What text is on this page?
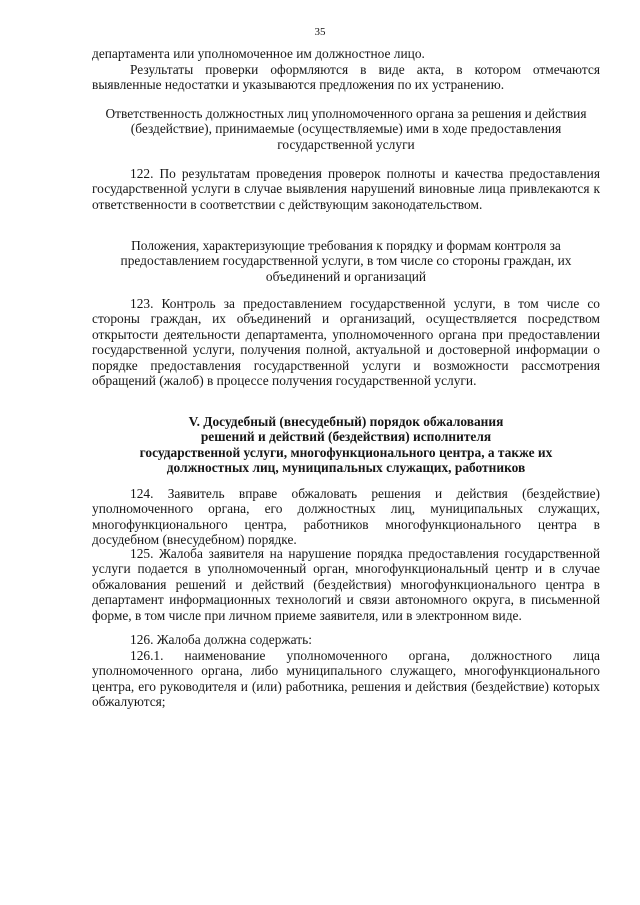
35
департамента или уполномоченное им должностное лицо.
Результаты проверки оформляются в виде акта, в котором отмечаются выявленные недостатки и указываются предложения по их устранению.
Ответственность должностных лиц уполномоченного органа за решения и действия (бездействие), принимаемые (осуществляемые) ими в ходе предоставления государственной услуги
122. По результатам проведения проверок полноты и качества предоставления государственной услуги в случае выявления нарушений виновные лица привлекаются к ответственности в соответствии с действующим законодательством.
Положения, характеризующие требования к порядку и формам контроля за предоставлением государственной услуги, в том числе со стороны граждан, их объединений и организаций
123. Контроль за предоставлением государственной услуги, в том числе со стороны граждан, их объединений и организаций, осуществляется посредством открытости деятельности департамента, уполномоченного органа при предоставлении государственной услуги, получения полной, актуальной и достоверной информации о порядке предоставления государственной услуги и возможности рассмотрения обращений (жалоб) в процессе получения государственной услуги.
V. Досудебный (внесудебный) порядок обжалования
решений и действий (бездействия) исполнителя
государственной услуги, многофункционального центра, а также их
должностных лиц, муниципальных служащих, работников
124. Заявитель вправе обжаловать решения и действия (бездействие) уполномоченного органа, его должностных лиц, муниципальных служащих, многофункционального центра, работников многофункционального центра в досудебном (внесудебном) порядке.
125. Жалоба заявителя на нарушение порядка предоставления государственной услуги подается в уполномоченный орган, многофункциональный центр и в случае обжалования решений и действий (бездействия) многофункционального центра в департамент информационных технологий и связи автономного округа, в письменной форме, в том числе при личном приеме заявителя, или в электронном виде.
126. Жалоба должна содержать:
126.1. наименование уполномоченного органа, должностного лица уполномоченного органа, либо муниципального служащего, многофункционального центра, его руководителя и (или) работника, решения и действия (бездействие) которых обжалуются;
